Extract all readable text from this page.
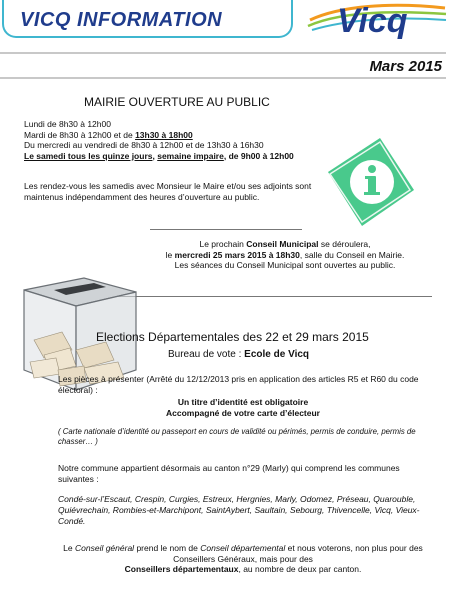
VICQ INFORMATION	Vicq
Mars 2015
MAIRIE OUVERTURE AU PUBLIC
Lundi de 8h30 à 12h00
Mardi de 8h30 à 12h00 et de 13h30 à 18h00
Du mercredi au vendredi de 8h30 à 12h00 et de 13h30 à 16h30
Le samedi tous les quinze jours, semaine impaire, de 9h00 à 12h00
Les rendez-vous les samedis avec Monsieur le Maire et/ou ses adjoints sont maintenus indépendamment des heures d’ouverture au public.
Le prochain Conseil Municipal se déroulera,
le mercredi 25 mars 2015 à 18h30, salle du Conseil en Mairie.
Les séances du Conseil Municipal sont ouvertes au public.
Elections Départementales des 22 et 29 mars 2015
Bureau de vote : Ecole de Vicq
Les pièces à présenter (Arrêté du 12/12/2013 pris en application des articles R5 et R60 du code électoral) :
Un titre d’identité est obligatoire
Accompagné de votre carte d’électeur
( Carte nationale d’identité ou passeport en cours de validité ou périmés, permis de conduire, permis de chasser… )
Notre commune appartient désormais au canton n°29 (Marly) qui comprend les communes suivantes :
Condé-sur-l’Escaut, Crespin, Curgies, Estreux, Hergnies, Marly, Odomez, Préseau, Quarouble, Quiévrechain, Rombies-et-Marchipont, SaintAybert, Saultain, Sebourg, Thivencelle, Vicq, Vieux-Condé.
Le Conseil général prend le nom de Conseil départemental et nous voterons, non plus pour des Conseillers Généraux, mais pour des
Conseillers départementaux, au nombre de deux par canton.
